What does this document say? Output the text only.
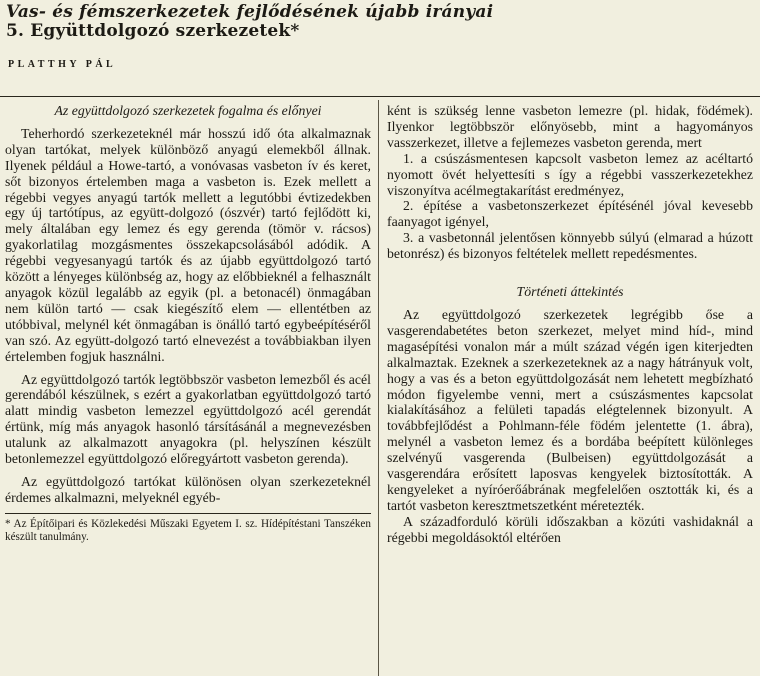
Vas- és fémszerkezetek fejlődésének újabb irányai
5. Együttdolgozó szerkezetek*
PLATTHY PÁL

Az együttdolgozó szerkezetek fogalma és előnyei

Teherhordó szerkezeteknél már hosszú idő óta alkalmaznak olyan tartókat, melyek különböző anyagú elemekből állnak. Ilyenek például a Howe-tartó, a vonóvasas vasbeton ív és keret, sőt bizonyos értelemben maga a vasbeton is. Ezek mellett a régebbi vegyes anyagú tartók mellett a legutóbbi évtizedekben egy új tartótípus, az együtt-dolgozó (ószvér) tartó fejlődött ki, mely általában egy lemez és egy gerenda (tömör v. rácsos) gyakorlatilag mozgásmentes összekapcsolásából adódik. A régebbi vegyesanyagú tartók és az újabb együttdolgozó tartó között a lényeges különbség az, hogy az előbbieknél a felhasznált anyagok közül legalább az egyik (pl. a betonacél) önmagában nem külön tartó — csak kiegészítő elem — ellentétben az utóbbival, melynél két önmagában is önálló tartó egybeépítéséről van szó. Az együtt-dolgozó tartó elnevezést a továbbiakban ilyen értelemben fogjuk használni.

Az együttdolgozó tartók legtöbbször vasbeton lemezből és acél gerendából készülnek, s ezért a gyakorlatban együttdolgozó tartó alatt mindig vasbeton lemezzel együttdolgozó acél gerendát értünk, míg más anyagok hasonló társításánál a megnevezésben utalunk az alkalmazott anyagokra (pl. helyszínen készült betonlemezzel együttdolgozó előregyártott vasbeton gerenda).

Az együttdolgozó tartókat különösen olyan szerkezeteknél érdemes alkalmazni, melyeknél egyéb-

* Az Építőipari és Közlekedési Műszaki Egyetem I. sz. Hídépítéstani Tanszéken készült tanulmány.

ként is szükség lenne vasbeton lemezre (pl. hidak, födémek). Ilyenkor legtöbbször előnyösebb, mint a hagyományos vasszerkezet, illetve a fejlemezes vasbeton gerenda, mert

1. a csúszásmentesen kapcsolt vasbeton lemez az acéltartó nyomott övét helyettesíti s így a régebbi vasszerkezetekhez viszonyítva acélmegtakarítást eredményez,

2. építése a vasbetonszerkezet építésénél jóval kevesebb faanyagot igényel,

3. a vasbetonnál jelentősen könnyebb súlyú (elmarad a húzott betonrész) és bizonyos feltételek mellett repedésmentes.

Történeti áttekintés

Az együttdolgozó szerkezetek legrégibb őse a vasgerendabetétes beton szerkezet, melyet mind híd-, mind magasépítési vonalon már a múlt század végén igen kiterjedten alkalmaztak. Ezeknek a szerkezeteknek az a nagy hátrányuk volt, hogy a vas és a beton együttdolgozását nem lehetett megbízható módon figyelembe venni, mert a csúszásmentes kapcsolat kialakításához a felületi tapadás elégtelennek bizonyult. A továbbfejlődést a Pohlmann-féle födém jelentette (1. ábra), melynél a vasbeton lemez és a bordába beépített különleges szelvényű vasgerenda (Bulbeisen) együttdolgozását a vasgerendára erősített laposvas kengyelek biztosították. A kengyeleket a nyíróerőábrának megfelelően osztották ki, és a tartót vasbeton keresztmetszetként méretezték.

A századforduló körüli időszakban a közúti vashidaknál a régebbi megoldásoktól eltérően
